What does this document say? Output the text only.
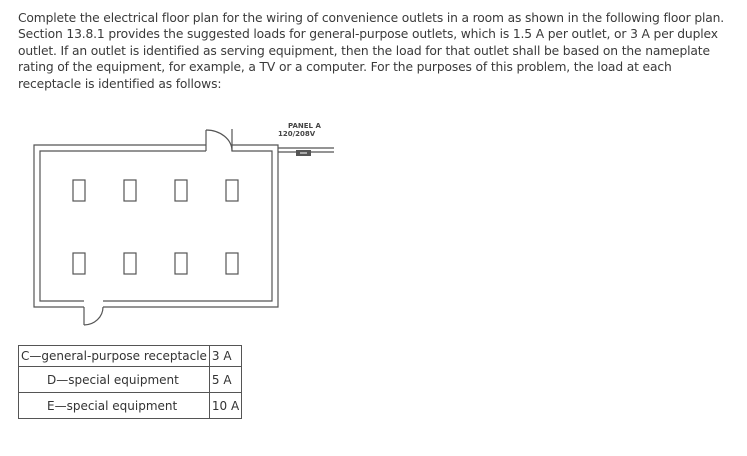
Complete the electrical floor plan for the wiring of convenience outlets in a room as shown in the following floor plan. Section 13.8.1 provides the suggested loads for general-purpose outlets, which is 1.5 A per outlet, or 3 A per duplex outlet. If an outlet is identified as serving equipment, then the load for that outlet shall be based on the nameplate rating of the equipment, for example, a TV or a computer. For the purposes of this problem, the load at each receptacle is identified as follows:

PANEL A
120/208V
C—general-purpose receptacle	3 A
D—special equipment	5 A
E—special equipment	10 A
